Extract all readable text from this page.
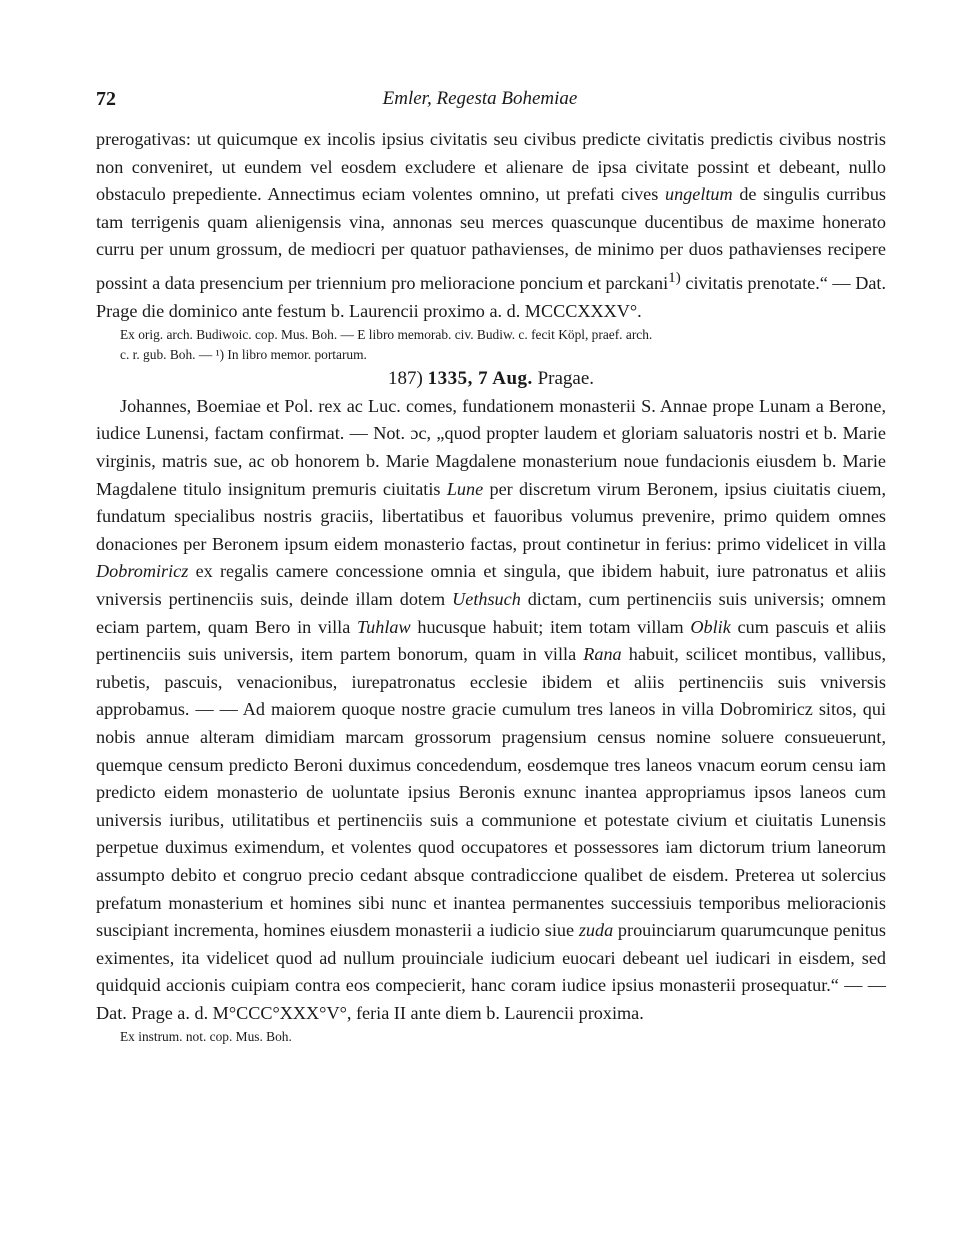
72	Emler, Regesta Bohemiae

prerogativas: ut quicumque ex incolis ipsius civitatis seu civibus predicte civitatis predictis civibus nostris non conveniret, ut eundem vel eosdem excludere et alienare de ipsa civitate possint et debeant, nullo obstaculo prepediente. Annectimus eciam volentes omnino, ut prefati cives ungeltum de singulis curribus tam terrigenis quam alienigensis vina, annonas seu merces quascunque ducentibus de maxime honerato curru per unum grossum, de mediocri per quatuor pathavienses, de minimo per duos pathavienses recipere possint a data presencium per triennium pro melioracione poncium et parckani$^{1)}$ civitatis prenotate.“ — Dat. Prage die dominico ante festum b. Laurencii proximo a. d. MCCCXXXV°.

Ex orig. arch. Budiwoic. cop. Mus. Boh. — E libro memorab. civ. Budiw. c. fecit Köpl, praef. arch.

c. r. gub. Boh. — ¹) In libro memor. portarum.

187) 1335, 7 Aug. Pragae.

Johannes, Boemiae et Pol. rex ac Luc. comes, fundationem monasterii S. Annae prope Lunam a Berone, iudice Lunensi, factam confirmat. — Not. ɔc, „quod propter laudem et gloriam saluatoris nostri et b. Marie virginis, matris sue, ac ob honorem b. Marie Magdalene monasterium noue fundacionis eiusdem b. Marie Magdalene titulo insignitum premuris ciuitatis Lune per discretum virum Beronem, ipsius ciuitatis ciuem, fundatum specialibus nostris graciis, libertatibus et fauoribus volumus prevenire, primo quidem omnes donaciones per Beronem ipsum eidem monasterio factas, prout continetur in ferius: primo videlicet in villa Dobromiricz ex regalis camere concessione omnia et singula, que ibidem habuit, iure patronatus et aliis vniversis pertinenciis suis, deinde illam dotem Uethsuch dictam, cum pertinenciis suis universis; omnem eciam partem, quam Bero in villa Tuhlaw hucusque habuit; item totam villam Oblik cum pascuis et aliis pertinenciis suis universis, item partem bonorum, quam in villa Rana habuit, scilicet montibus, vallibus, rubetis, pascuis, venacionibus, iurepatronatus ecclesie ibidem et aliis pertinenciis suis vniversis approbamus. — — Ad maiorem quoque nostre gracie cumulum tres laneos in villa Dobromiricz sitos, qui nobis annue alteram dimidiam marcam grossorum pragensium census nomine soluere consueuerunt, quemque censum predicto Beroni duximus concedendum, eosdemque tres laneos vnacum eorum censu iam predicto eidem monasterio de uoluntate ipsius Beronis exnunc inantea appropriamus ipsos laneos cum universis iuribus, utilitatibus et pertinenciis suis a communione et potestate civium et ciuitatis Lunensis perpetue duximus eximendum, et volentes quod occupatores et possessores iam dictorum trium laneorum assumpto debito et congruo precio cedant absque contradiccione qualibet de eisdem. Preterea ut solercius prefatum monasterium et homines sibi nunc et inantea permanentes successiuis temporibus melioracionis suscipiant incrementa, homines eiusdem monasterii a iudicio siue zuda prouinciarum quarumcunque penitus eximentes, ita videlicet quod ad nullum prouinciale iudicium euocari debeant uel iudicari in eisdem, sed quidquid accionis cuipiam contra eos compecierit, hanc coram iudice ipsius monasterii prosequatur.“ — — Dat. Prage a. d. M°CCC°XXX°V°, feria II ante diem b. Laurencii proxima.

Ex instrum. not. cop. Mus. Boh.
